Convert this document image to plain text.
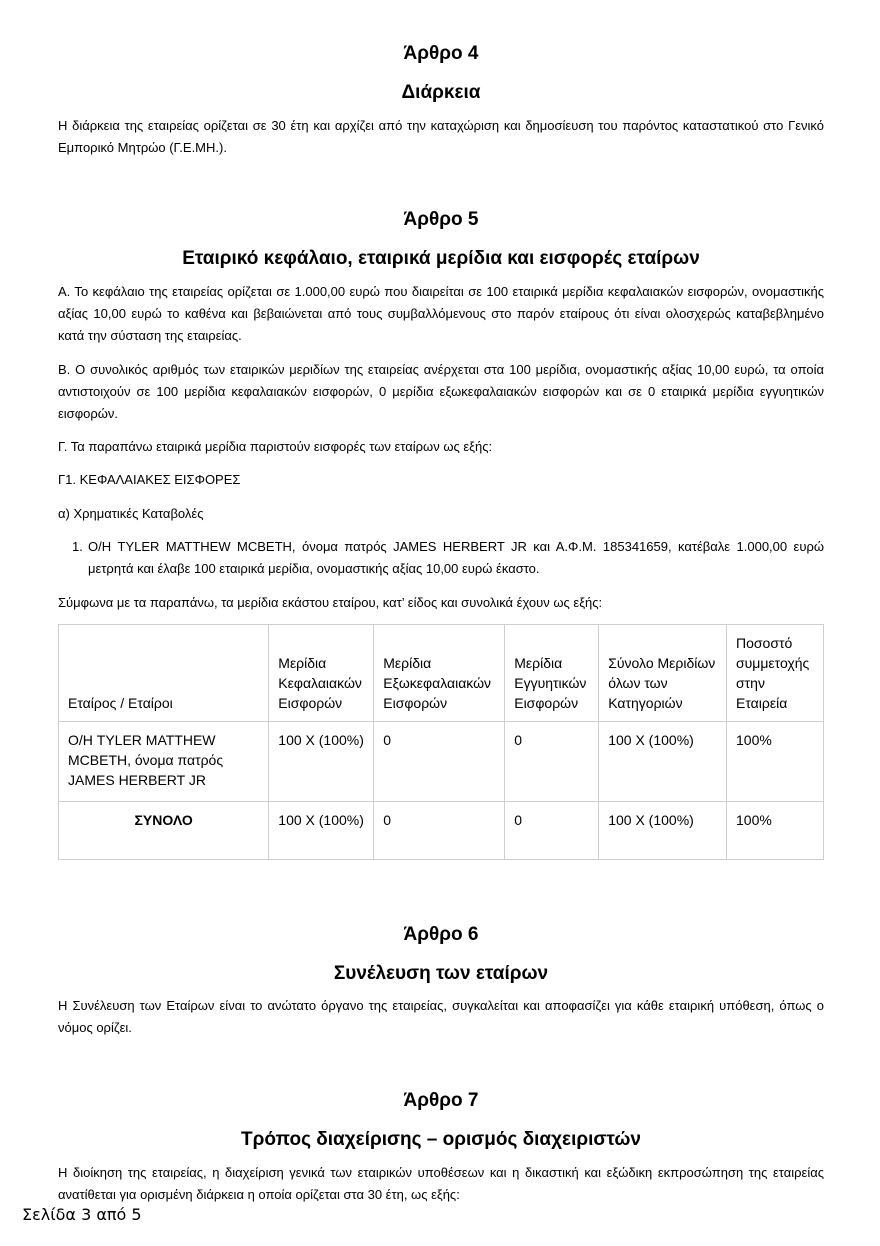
Άρθρο 4
Διάρκεια
Η διάρκεια της εταιρείας ορίζεται σε 30 έτη και αρχίζει από την καταχώριση και δημοσίευση του παρόντος καταστατικού στο Γενικό Εμπορικό Μητρώο (Γ.Ε.ΜΗ.).
Άρθρο 5
Εταιρικό κεφάλαιο, εταιρικά μερίδια και εισφορές εταίρων
Α. Το κεφάλαιο της εταιρείας ορίζεται σε 1.000,00 ευρώ που διαιρείται σε 100 εταιρικά μερίδια κεφαλαιακών εισφορών, ονομαστικής αξίας 10,00 ευρώ το καθένα και βεβαιώνεται από τους συμβαλλόμενους στο παρόν εταίρους ότι είναι ολοσχερώς καταβεβλημένο κατά την σύσταση της εταιρείας.
Β. Ο συνολικός αριθμός των εταιρικών μεριδίων της εταιρείας ανέρχεται στα 100 μερίδια, ονομαστικής αξίας 10,00 ευρώ, τα οποία αντιστοιχούν σε 100 μερίδια κεφαλαιακών εισφορών, 0 μερίδια εξωκεφαλαιακών εισφορών και σε 0 εταιρικά μερίδια εγγυητικών εισφορών.
Γ. Τα παραπάνω εταιρικά μερίδια παριστούν εισφορές των εταίρων ως εξής:
Γ1. ΚΕΦΑΛΑΙΑΚΕΣ ΕΙΣΦΟΡΕΣ
α) Χρηματικές Καταβολές
1. Ο/Η TYLER MATTHEW MCBETH, όνομα πατρός JAMES HERBERT JR και Α.Φ.Μ. 185341659, κατέβαλε 1.000,00 ευρώ μετρητά και έλαβε 100 εταιρικά μερίδια, ονομαστικής αξίας 10,00 ευρώ έκαστο.
Σύμφωνα με τα παραπάνω, τα μερίδια εκάστου εταίρου, κατ’ είδος και συνολικά έχουν ως εξής:
Εταίρος / Εταίροι	Μερίδια Κεφαλαιακών Εισφορών	Μερίδια Εξωκεφαλαιακών Εισφορών	Μερίδια Εγγυητικών Εισφορών	Σύνολο Μεριδίων όλων των Κατηγοριών	Ποσοστό συμμετοχής στην Εταιρεία
Ο/Η TYLER MATTHEW MCBETH, όνομα πατρός JAMES HERBERT JR	100 Χ (100%)	0	0	100 Χ (100%)	100%
ΣΥΝΟΛΟ	100 Χ (100%)	0	0	100 Χ (100%)	100%
Άρθρο 6
Συνέλευση των εταίρων
Η Συνέλευση των Εταίρων είναι το ανώτατο όργανο της εταιρείας, συγκαλείται και αποφασίζει για κάθε εταιρική υπόθεση, όπως ο νόμος ορίζει.
Άρθρο 7
Τρόπος διαχείρισης – ορισμός διαχειριστών
Η διοίκηση της εταιρείας, η διαχείριση γενικά των εταιρικών υποθέσεων και η δικαστική και εξώδικη εκπροσώπηση της εταιρείας ανατίθεται για ορισμένη διάρκεια η οποία ορίζεται στα 30 έτη, ως εξής:
Σελίδα 3 από 5
